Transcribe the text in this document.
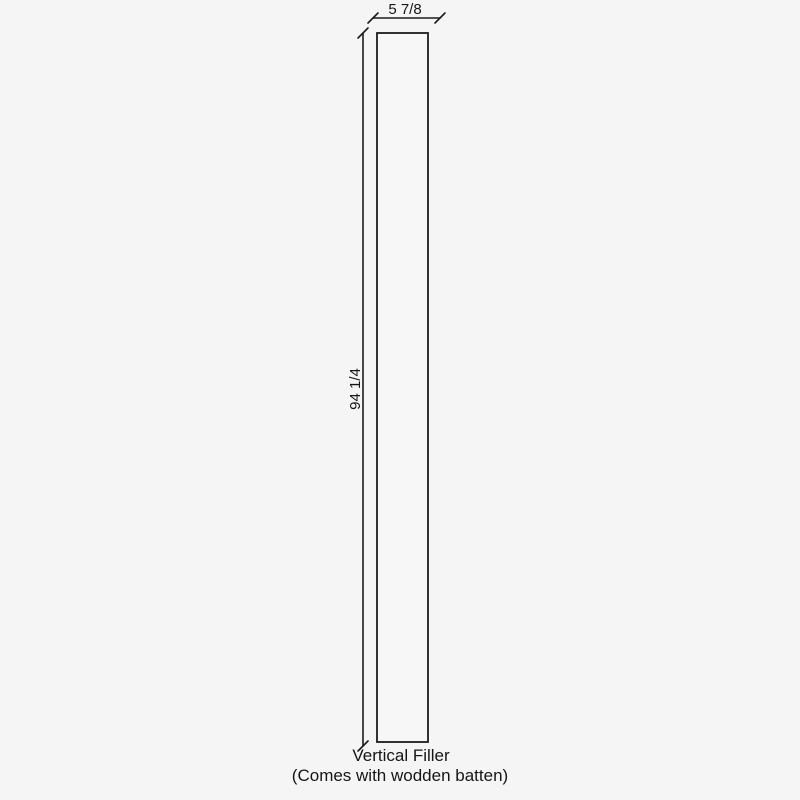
5 7/8
94 1/4
Vertical Filler
(Comes with wodden batten)
